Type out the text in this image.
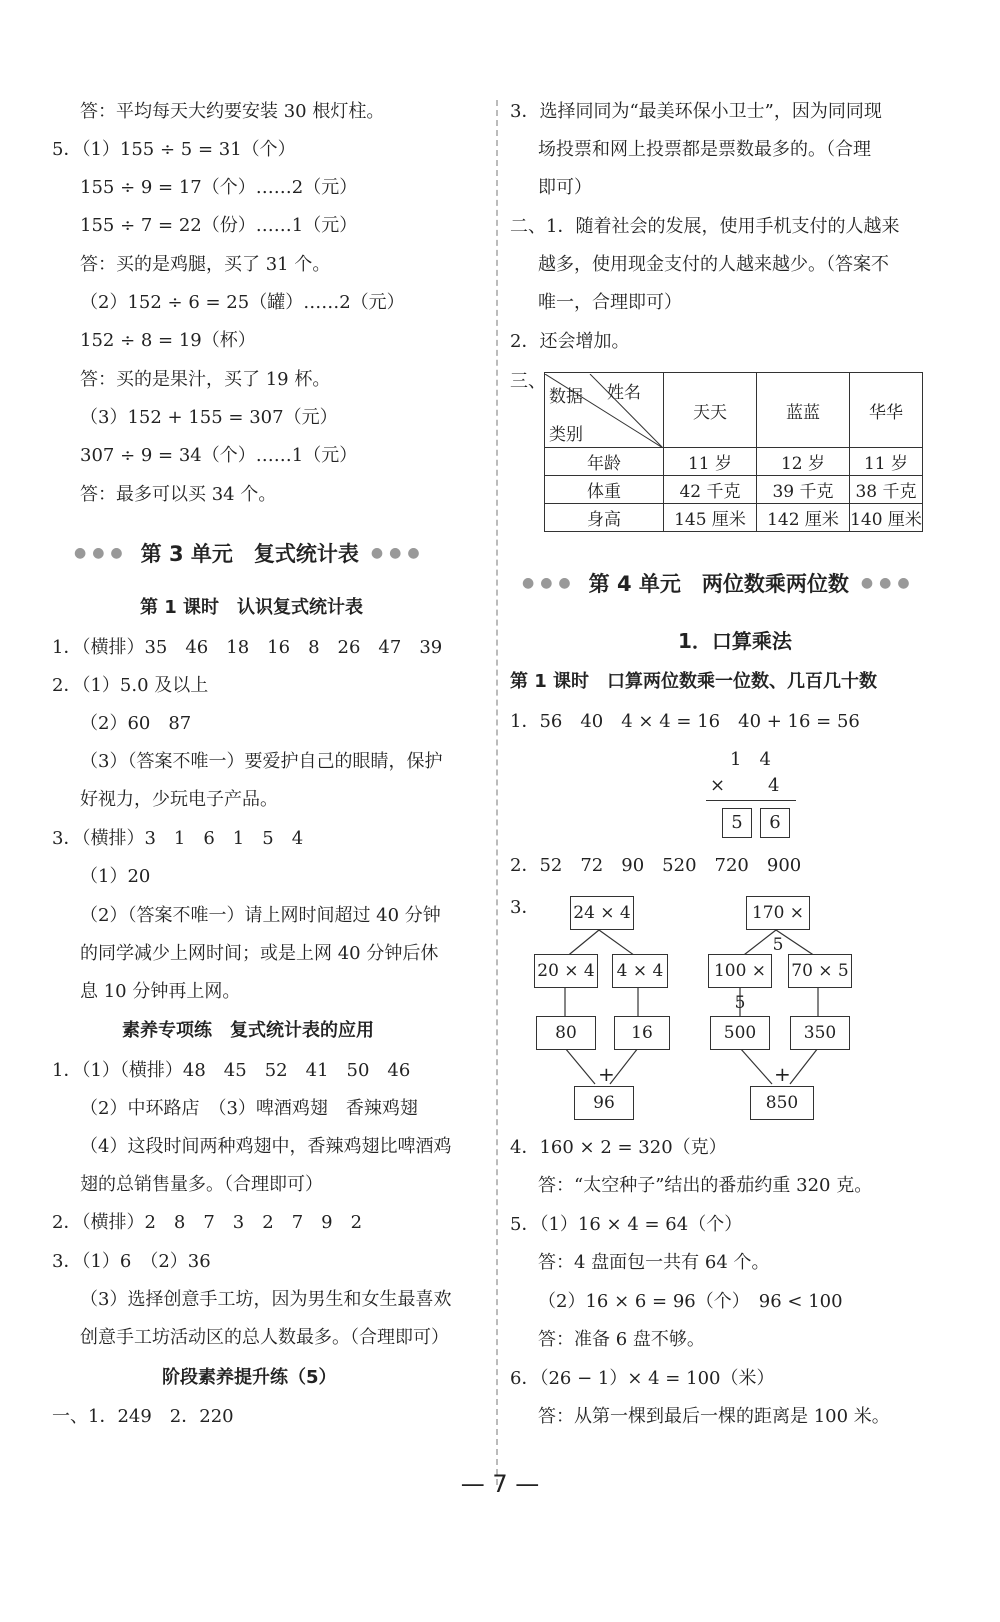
答：平均每天大约要安装 30 根灯柱。
5．（1）155 ÷ 5 = 31（个）
155 ÷ 9 = 17（个）……2（元）
155 ÷ 7 = 22（份）……1（元）
答：买的是鸡腿，买了 31 个。
（2）152 ÷ 6 = 25（罐）……2（元）
152 ÷ 8 = 19（杯）
答：买的是果汁，买了 19 杯。
（3）152 + 155 = 307（元）
307 ÷ 9 = 34（个）……1（元）
答：最多可以买 34 个。
●●● 第 3 单元　复式统计表 ●●●
第 1 课时　认识复式统计表
1．（横排）35　46　18　16　8　26　47　39
2．（1）5.0 及以上
（2）60　87
（3）（答案不唯一）要爱护自己的眼睛，保护
好视力，少玩电子产品。
3．（横排）3　1　6　1　5　4
（1）20
（2）（答案不唯一）请上网时间超过 40 分钟
的同学减少上网时间；或是上网 40 分钟后休
息 10 分钟再上网。
素养专项练　复式统计表的应用
1．（1）（横排）48　45　52　41　50　46
（2）中环路店　（3）啤酒鸡翅　香辣鸡翅
（4）这段时间两种鸡翅中，香辣鸡翅比啤酒鸡
翅的总销售量多。（合理即可）
2．（横排）2　8　7　3　2　7　9　2
3．（1）6　（2）36
（3）选择创意手工坊，因为男生和女生最喜欢
创意手工坊活动区的总人数最多。（合理即可）
阶段素养提升练（5）
一、1．249　2．220
3．选择同同为“最美环保小卫士”，因为同同现
场投票和网上投票都是票数最多的。（合理
即可）
二、1．随着社会的发展，使用手机支付的人越来
越多，使用现金支付的人越来越少。（答案不
唯一，合理即可）
2．还会增加。
三、
姓名
数据
类别	天天	蓝蓝	华华
年龄	11 岁	12 岁	11 岁
体重	42 千克	39 千克	38 千克
身高	145 厘米	142 厘米	140 厘米
●●● 第 4 单元　两位数乘两位数 ●●●
1．口算乘法
第 1 课时　口算两位数乘一位数、几百几十数
1．56　40　4 × 4 = 16　40 + 16 = 56
1　4
× 4
5	6
2．52　72　90　520　720　900
3． 24 × 4
20 × 4 4 × 4
80	16
+
96
170 × 5
100 × 5
70 × 5
500	350
+
850
4．160 × 2 = 320（克）
答：“太空种子”结出的番茄约重 320 克。
5．（1）16 × 4 = 64（个）
答：4 盘面包一共有 64 个。
（2）16 × 6 = 96（个）　96 < 100
答：准备 6 盘不够。
6．（26 − 1）× 4 = 100（米）
答：从第一棵到最后一棵的距离是 100 米。
— 7 —
